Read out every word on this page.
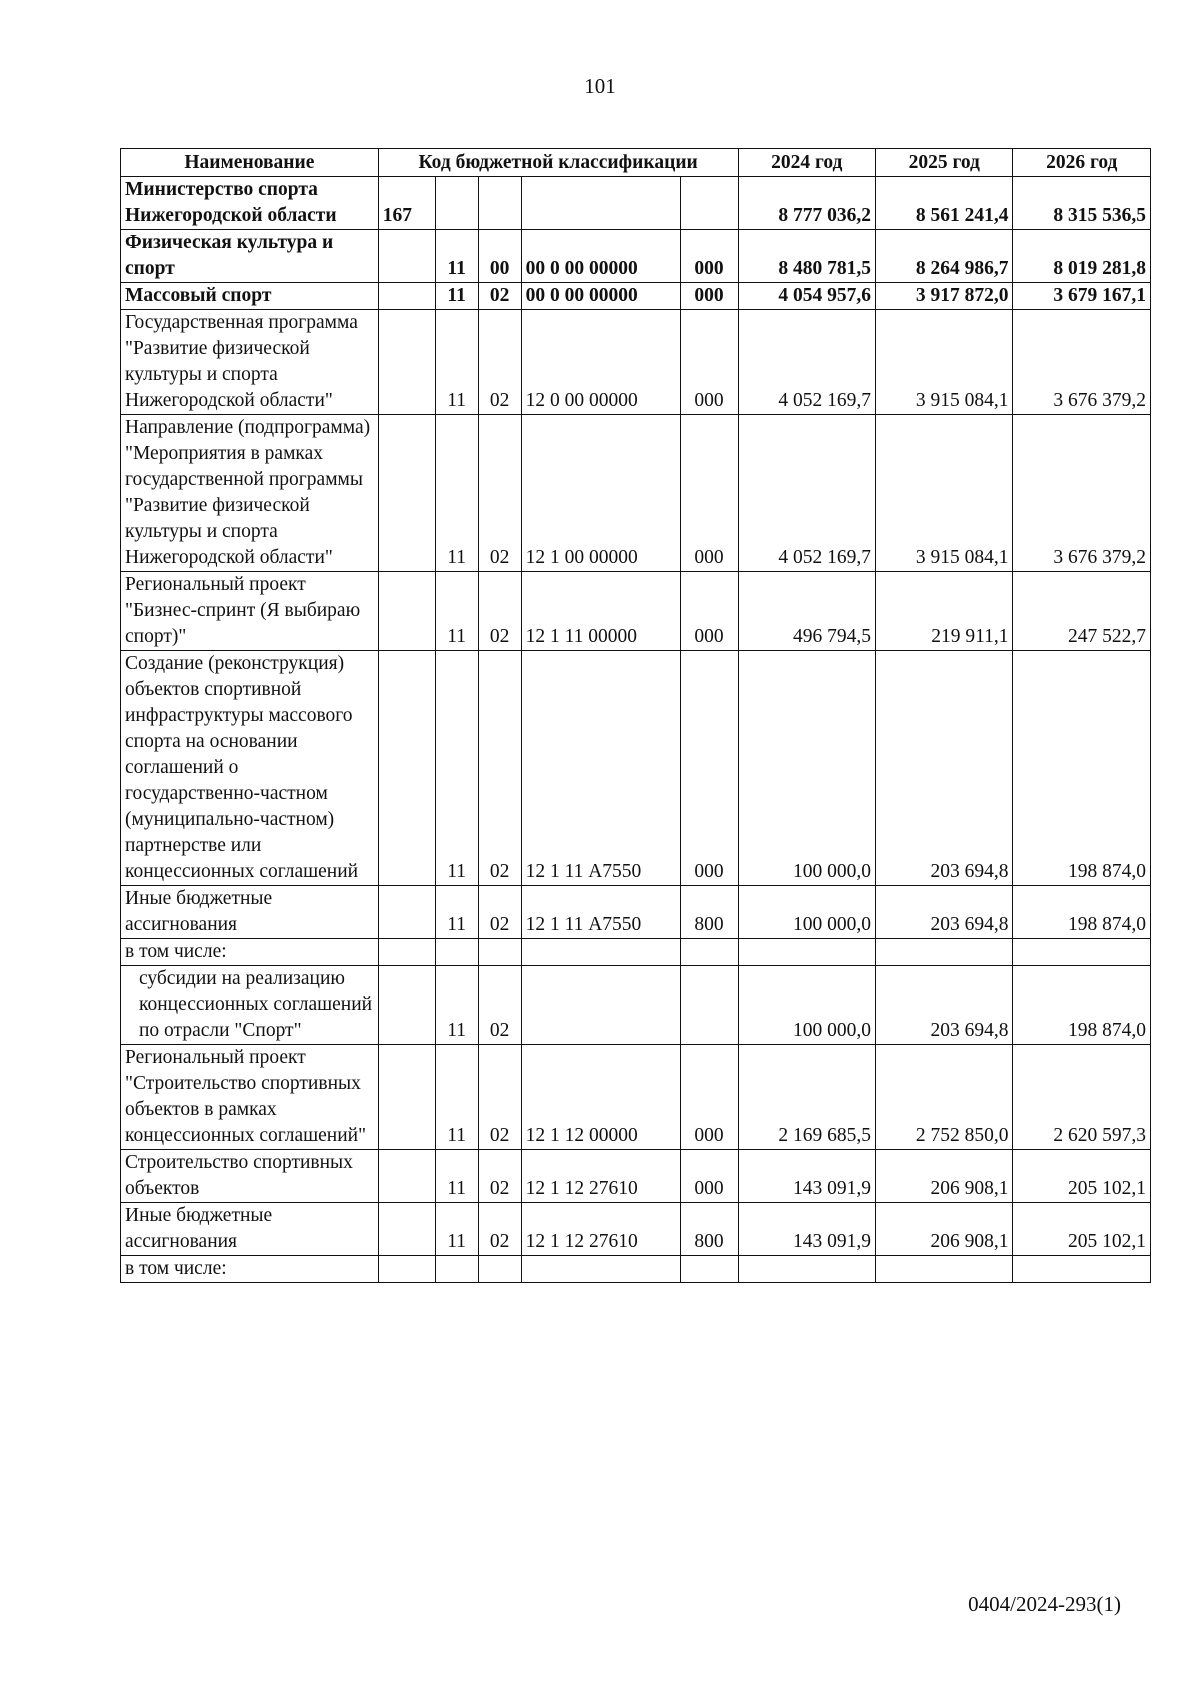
101
Наименование	Код бюджетной классификации					2024 год	2025 год	2026 год
Министерство спорта Нижегородской области	167					8 777 036,2	8 561 241,4	8 315 536,5
Физическая культура и спорт		11	00	00 0 00 00000	000	8 480 781,5	8 264 986,7	8 019 281,8
Массовый спорт		11	02	00 0 00 00000	000	4 054 957,6	3 917 872,0	3 679 167,1
Государственная программа "Развитие физической культуры и спорта Нижегородской области"		11	02	12 0 00 00000	000	4 052 169,7	3 915 084,1	3 676 379,2
Направление (подпрограмма) "Мероприятия в рамках государственной программы "Развитие физической культуры и спорта Нижегородской области"		11	02	12 1 00 00000	000	4 052 169,7	3 915 084,1	3 676 379,2
Региональный проект "Бизнес-спринт (Я выбираю спорт)"		11	02	12 1 11 00000	000	496 794,5	219 911,1	247 522,7
Создание (реконструкция) объектов спортивной инфраструктуры массового спорта на основании соглашений о государственно-частном (муниципально-частном) партнерстве или концессионных соглашений		11	02	12 1 11 А7550	000	100 000,0	203 694,8	198 874,0
Иные бюджетные ассигнования		11	02	12 1 11 А7550	800	100 000,0	203 694,8	198 874,0
в том числе:								
субсидии на реализацию концессионных соглашений по отрасли "Спорт"		11	02			100 000,0	203 694,8	198 874,0
Региональный проект "Строительство спортивных объектов в рамках концессионных соглашений"		11	02	12 1 12 00000	000	2 169 685,5	2 752 850,0	2 620 597,3
Строительство спортивных объектов		11	02	12 1 12 27610	000	143 091,9	206 908,1	205 102,1
Иные бюджетные ассигнования		11	02	12 1 12 27610	800	143 091,9	206 908,1	205 102,1
в том числе:								
0404/2024-293(1)
